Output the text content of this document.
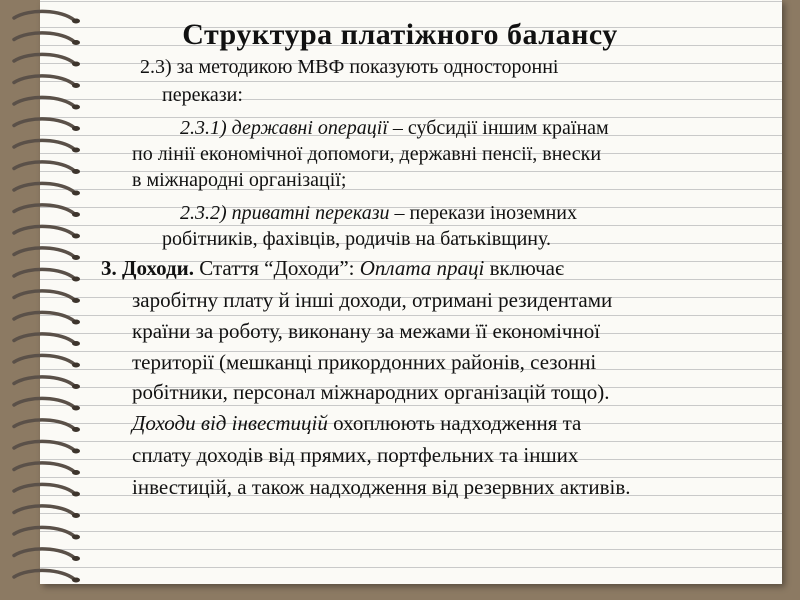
Структура платіжного балансу
2.3) за методикою МВФ показують односторонні
перекази:
2.3.1) державні операції – субсидії іншим країнам
по лінії економічної допомоги, державні пенсії, внески
в міжнародні організації;
2.3.2) приватні перекази – перекази іноземних
робітників, фахівців, родичів на батьківщину.
3. Доходи. Стаття “Доходи”: Оплата праці включає
заробітну плату й інші доходи, отримані резидентами
країни за роботу, виконану за межами її економічної
території (мешканці прикордонних районів, сезонні
робітники, персонал міжнародних організацій тощо).
Доходи від інвестицій охоплюють надходження та
сплату доходів від прямих, портфельних та інших
інвестицій, а також надходження від резервних активів.
